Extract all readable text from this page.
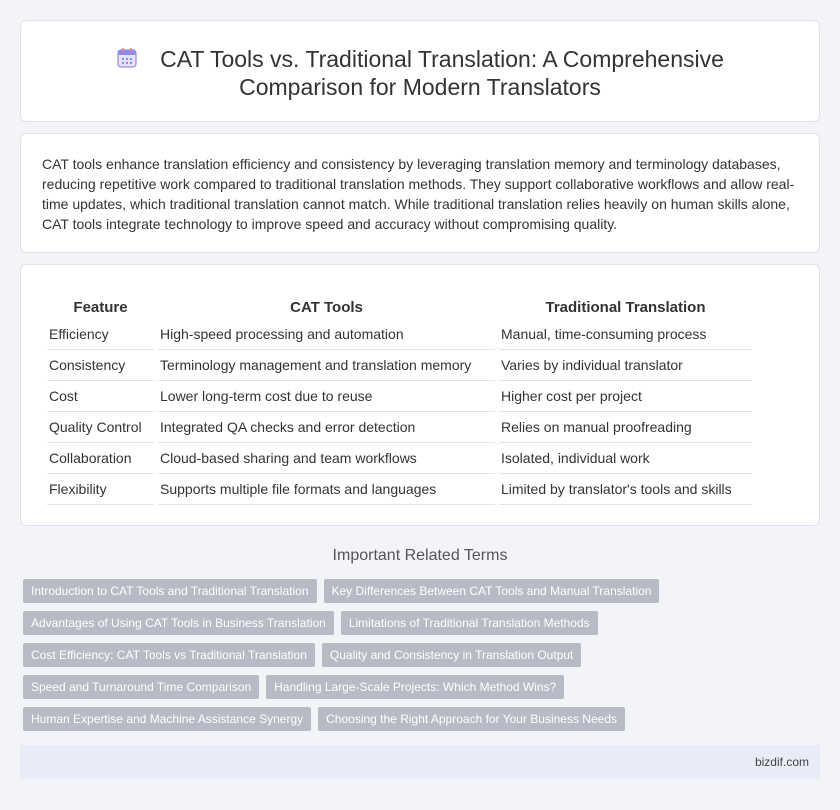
CAT Tools vs. Traditional Translation: A Comprehensive
Comparison for Modern Translators
CAT tools enhance translation efficiency and consistency by leveraging translation memory and terminology databases, reducing repetitive work compared to traditional translation methods. They support collaborative workflows and allow real-time updates, which traditional translation cannot match. While traditional translation relies heavily on human skills alone, CAT tools integrate technology to improve speed and accuracy without compromising quality.
Feature	CAT Tools	Traditional Translation
Efficiency	High-speed processing and automation	Manual, time-consuming process
Consistency	Terminology management and translation memory	Varies by individual translator
Cost	Lower long-term cost due to reuse	Higher cost per project
Quality Control	Integrated QA checks and error detection	Relies on manual proofreading
Collaboration	Cloud-based sharing and team workflows	Isolated, individual work
Flexibility	Supports multiple file formats and languages	Limited by translator's tools and skills
Important Related Terms
Introduction to CAT Tools and Traditional Translation	Key Differences Between CAT Tools and Manual Translation
Advantages of Using CAT Tools in Business Translation	Limitations of Traditional Translation Methods
Cost Efficiency: CAT Tools vs Traditional Translation	Quality and Consistency in Translation Output
Speed and Turnaround Time Comparison	Handling Large-Scale Projects: Which Method Wins?
Human Expertise and Machine Assistance Synergy	Choosing the Right Approach for Your Business Needs
bizdif.com
